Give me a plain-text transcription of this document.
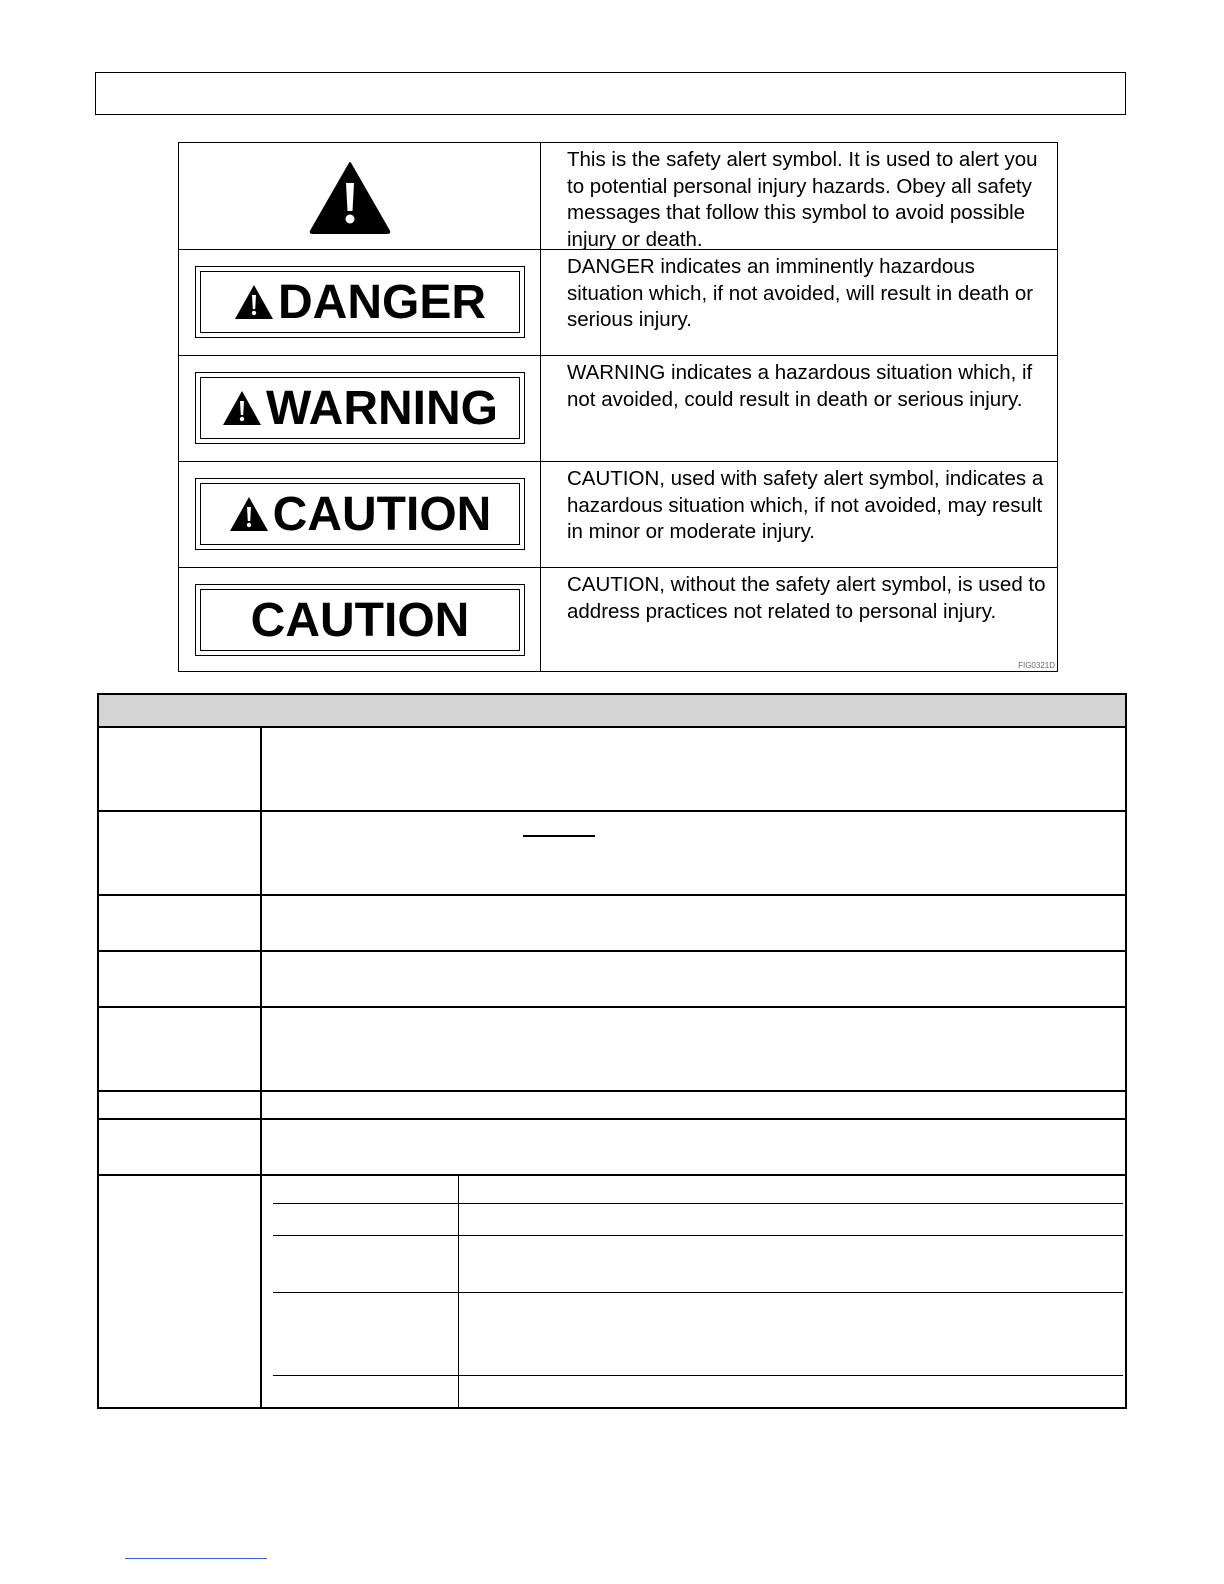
This is the safety alert symbol. It is used to alert you to potential personal injury hazards. Obey all safety messages that follow this symbol to avoid possible injury or death.
DANGER
DANGER indicates an imminently hazardous situation which, if not avoided, will result in death or serious injury.
WARNING
WARNING indicates a hazardous situation which, if not avoided, could result in death or serious injury.
CAUTION
CAUTION, used with safety alert symbol, indicates a hazardous situation which, if not avoided, may result in minor or moderate injury.
CAUTION
CAUTION, without the safety alert symbol, is used to address practices not related to personal injury.
FIG0321D
